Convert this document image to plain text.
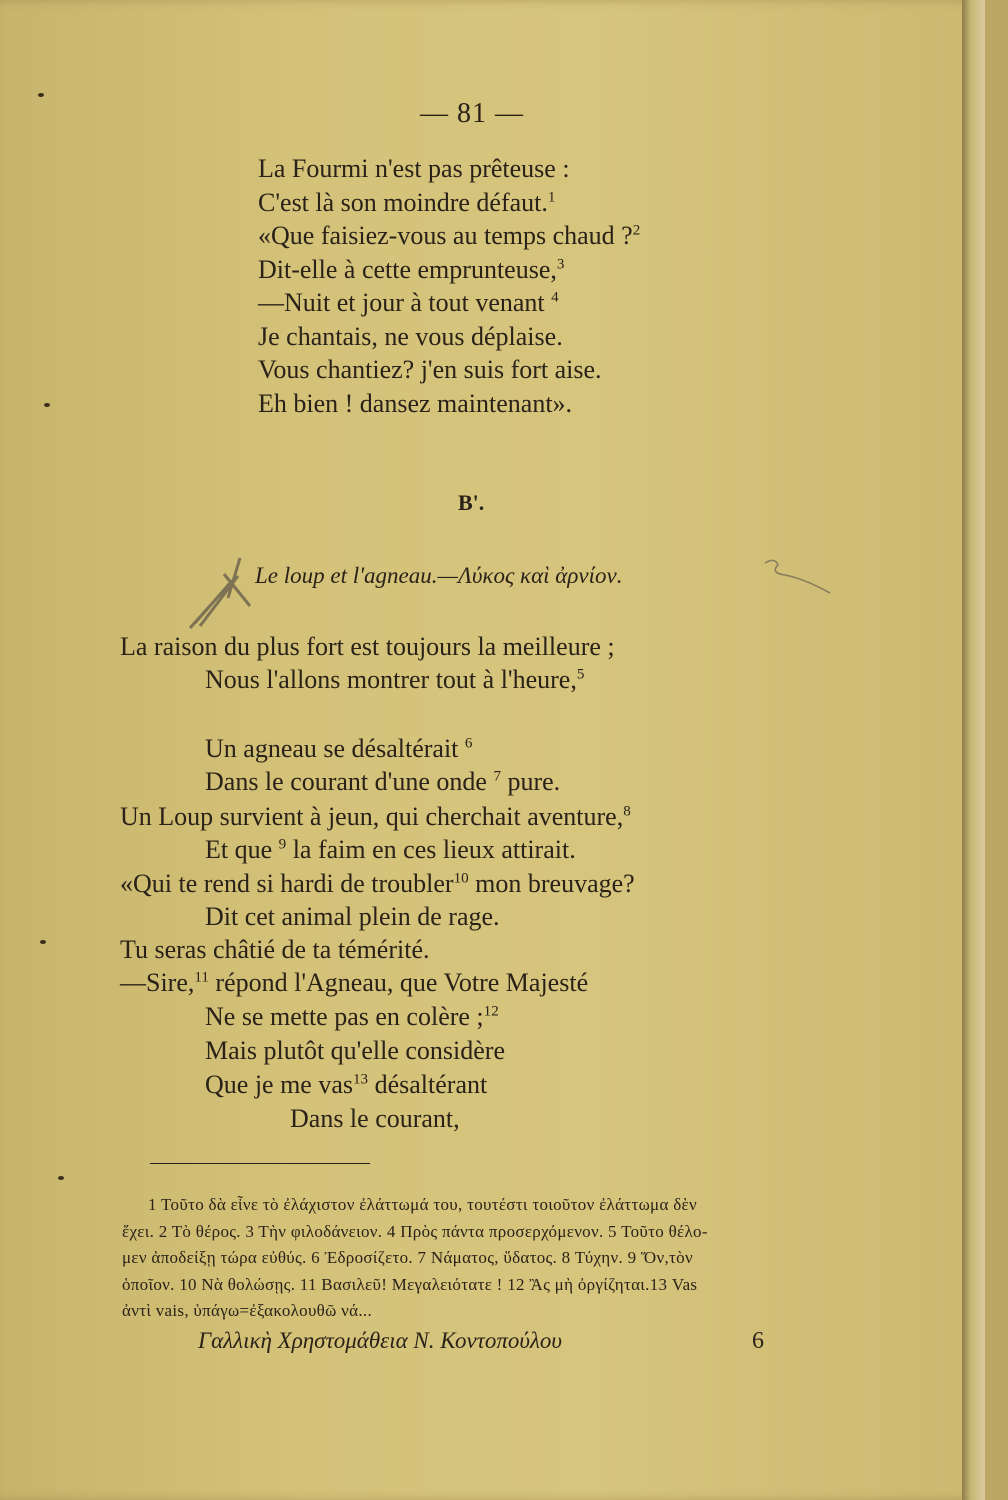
— 81 —
La Fourmi n'est pas prêteuse :
C'est là son moindre défaut.$^1$
«Que faisiez-vous au temps chaud ?$^2$
Dit-elle à cette emprunteuse,$^3$
—Nuit et jour à tout venant $^4$
Je chantais, ne vous déplaise.
Vous chantiez? j'en suis fort aise.
Eh bien ! dansez maintenant».
B'.
Le loup et l'agneau.—Λύκος καὶ ἀρνίον.
La raison du plus fort est toujours la meilleure ;
Nous l'allons montrer tout à l'heure,$^5$
Un agneau se désaltérait $^6$
Dans le courant d'une onde $^7$ pure.
Un Loup survient à jeun, qui cherchait aventure,$^8$
Et que $^9$ la faim en ces lieux attirait.
«Qui te rend si hardi de troubler$^{10}$ mon breuvage?
Dit cet animal plein de rage.
Tu seras châtié de ta témérité.
—Sire,$^{11}$ répond l'Agneau, que Votre Majesté
Ne se mette pas en colère ;$^{12}$
Mais plutôt qu'elle considère
Que je me vas$^{13}$ désaltérant
Dans le courant,
1 Τοῦτο δὰ εἶνε τὸ ἐλάχιστον ἐλάττωμά του, τουτέστι τοιοῦτον ἐλάττωμα δὲν
ἔχει. 2 Τὸ θέρος. 3 Τὴν φιλοδάνειον. 4 Πρὸς πάντα προσερχόμενον. 5 Τοῦτο θέλο-
μεν ἀποδείξῃ τώρα εὐθύς. 6 Ἐδροσίζετο. 7 Νάματος, ὕδατος. 8 Τύχην. 9 Ὅν,τὸν
ὁποῖον. 10 Νὰ θολώσῃς. 11 Βασιλεῦ! Μεγαλειότατε ! 12 Ἂς μὴ ὀργίζηται.13 Vas
ἀντὶ vais, ὑπάγω=ἐξακολουθῶ νά...
Γαλλικὴ Χρηστομάθεια Ν. Κοντοπούλου	6
